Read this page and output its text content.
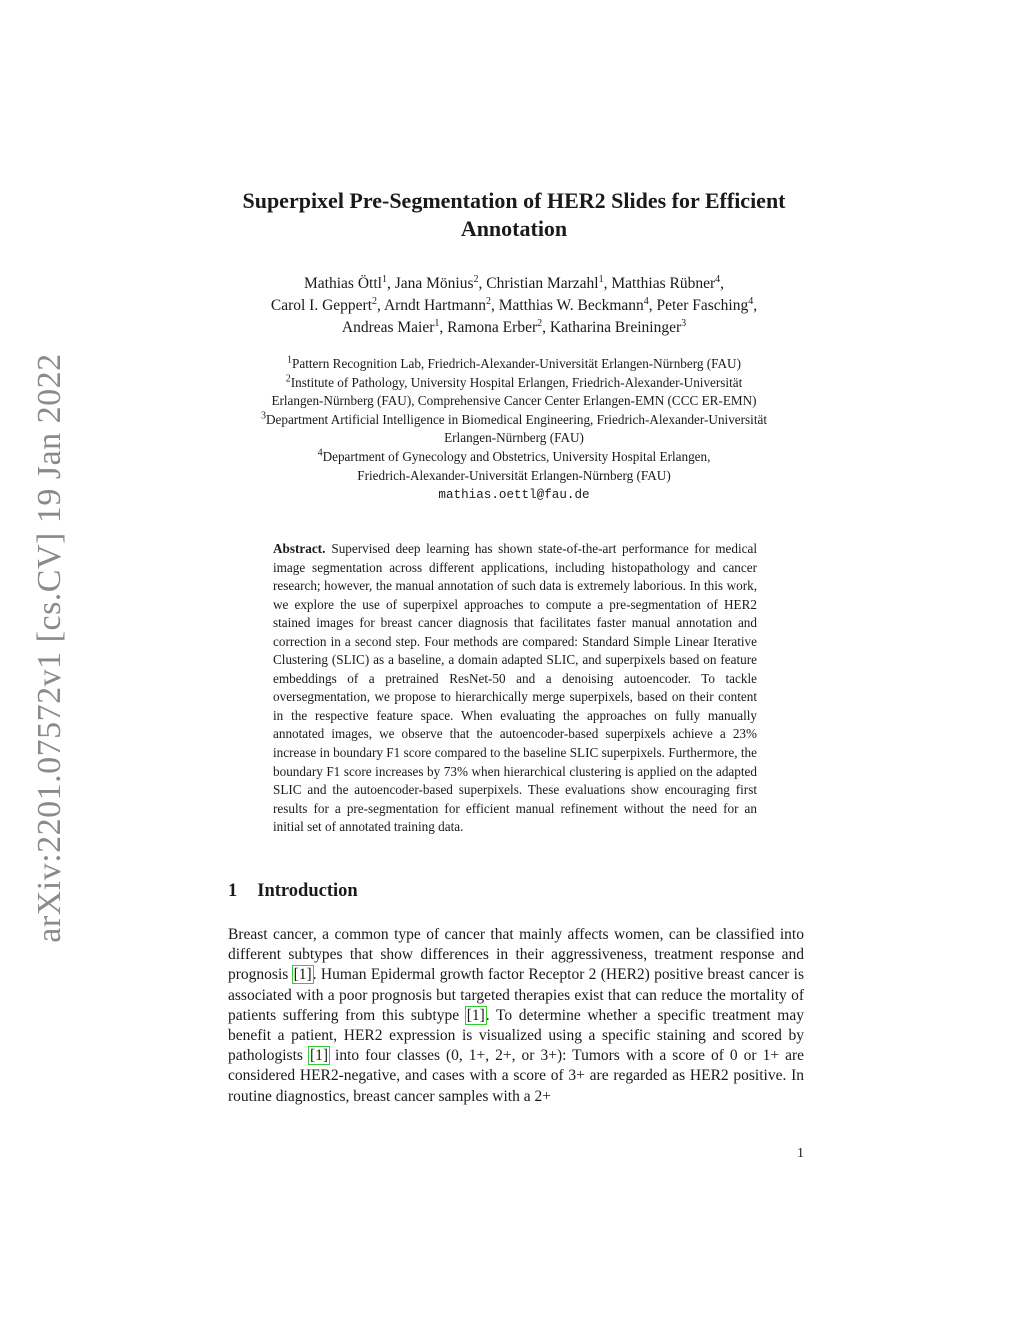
arXiv:2201.07572v1 [cs.CV] 19 Jan 2022
Superpixel Pre-Segmentation of HER2 Slides for Efficient Annotation
Mathias Öttl$^1$, Jana Mönius$^2$, Christian Marzahl$^1$, Matthias Rübner$^4$,
Carol I. Geppert$^2$, Arndt Hartmann$^2$, Matthias W. Beckmann$^4$, Peter Fasching$^4$,
Andreas Maier$^1$, Ramona Erber$^2$, Katharina Breininger$^3$
$^1$Pattern Recognition Lab, Friedrich-Alexander-Universität Erlangen-Nürnberg (FAU)
$^2$Institute of Pathology, University Hospital Erlangen, Friedrich-Alexander-Universität
Erlangen-Nürnberg (FAU), Comprehensive Cancer Center Erlangen-EMN (CCC ER-EMN)
$^3$Department Artificial Intelligence in Biomedical Engineering, Friedrich-Alexander-Universität
Erlangen-Nürnberg (FAU)
$^4$Department of Gynecology and Obstetrics, University Hospital Erlangen,
Friedrich-Alexander-Universität Erlangen-Nürnberg (FAU)
mathias.oettl@fau.de
Abstract. Supervised deep learning has shown state-of-the-art performance for medical image segmentation across different applications, including histopathology and cancer research; however, the manual annotation of such data is extremely laborious. In this work, we explore the use of superpixel approaches to compute a pre-segmentation of HER2 stained images for breast cancer diagnosis that facilitates faster manual annotation and correction in a second step. Four methods are compared: Standard Simple Linear Iterative Clustering (SLIC) as a baseline, a domain adapted SLIC, and superpixels based on feature embeddings of a pretrained ResNet-50 and a denoising autoencoder. To tackle oversegmentation, we propose to hierarchically merge superpixels, based on their content in the respective feature space. When evaluating the approaches on fully manually annotated images, we observe that the autoencoder-based superpixels achieve a 23% increase in boundary F1 score compared to the baseline SLIC superpixels. Furthermore, the boundary F1 score increases by 73% when hierarchical clustering is applied on the adapted SLIC and the autoencoder-based superpixels. These evaluations show encouraging first results for a pre-segmentation for efficient manual refinement without the need for an initial set of annotated training data.
1 Introduction

Breast cancer, a common type of cancer that mainly affects women, can be classified into different subtypes that show differences in their aggressiveness, treatment response and prognosis [1]. Human Epidermal growth factor Receptor 2 (HER2) positive breast cancer is associated with a poor prognosis but targeted therapies exist that can reduce the mortality of patients suffering from this subtype [1]. To determine whether a specific treatment may benefit a patient, HER2 expression is visualized using a specific staining and scored by pathologists [1] into four classes (0, 1+, 2+, or 3+): Tumors with a score of 0 or 1+ are considered HER2-negative, and cases with a score of 3+ are regarded as HER2 positive. In routine diagnostics, breast cancer samples with a 2+

1
